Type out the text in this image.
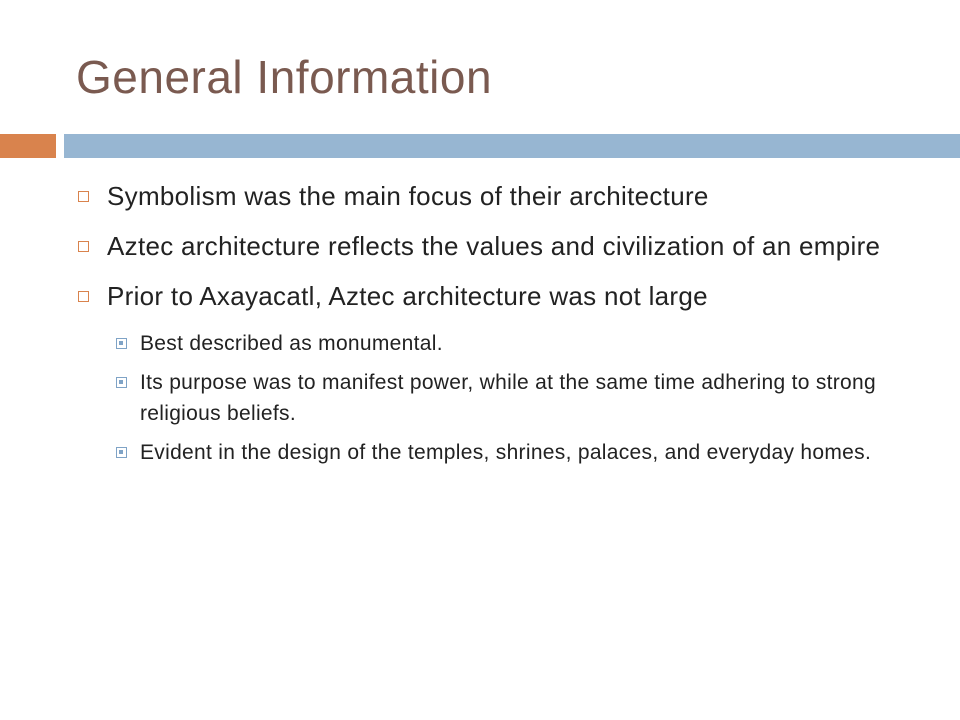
General Information
Symbolism was the main focus of their architecture
Aztec architecture reflects the values and civilization of an empire
Prior to Axayacatl, Aztec architecture was not large
Best described as monumental.
Its purpose was to manifest power, while at the same time adhering to strong religious beliefs.
Evident in the design of the temples, shrines, palaces, and everyday homes.
